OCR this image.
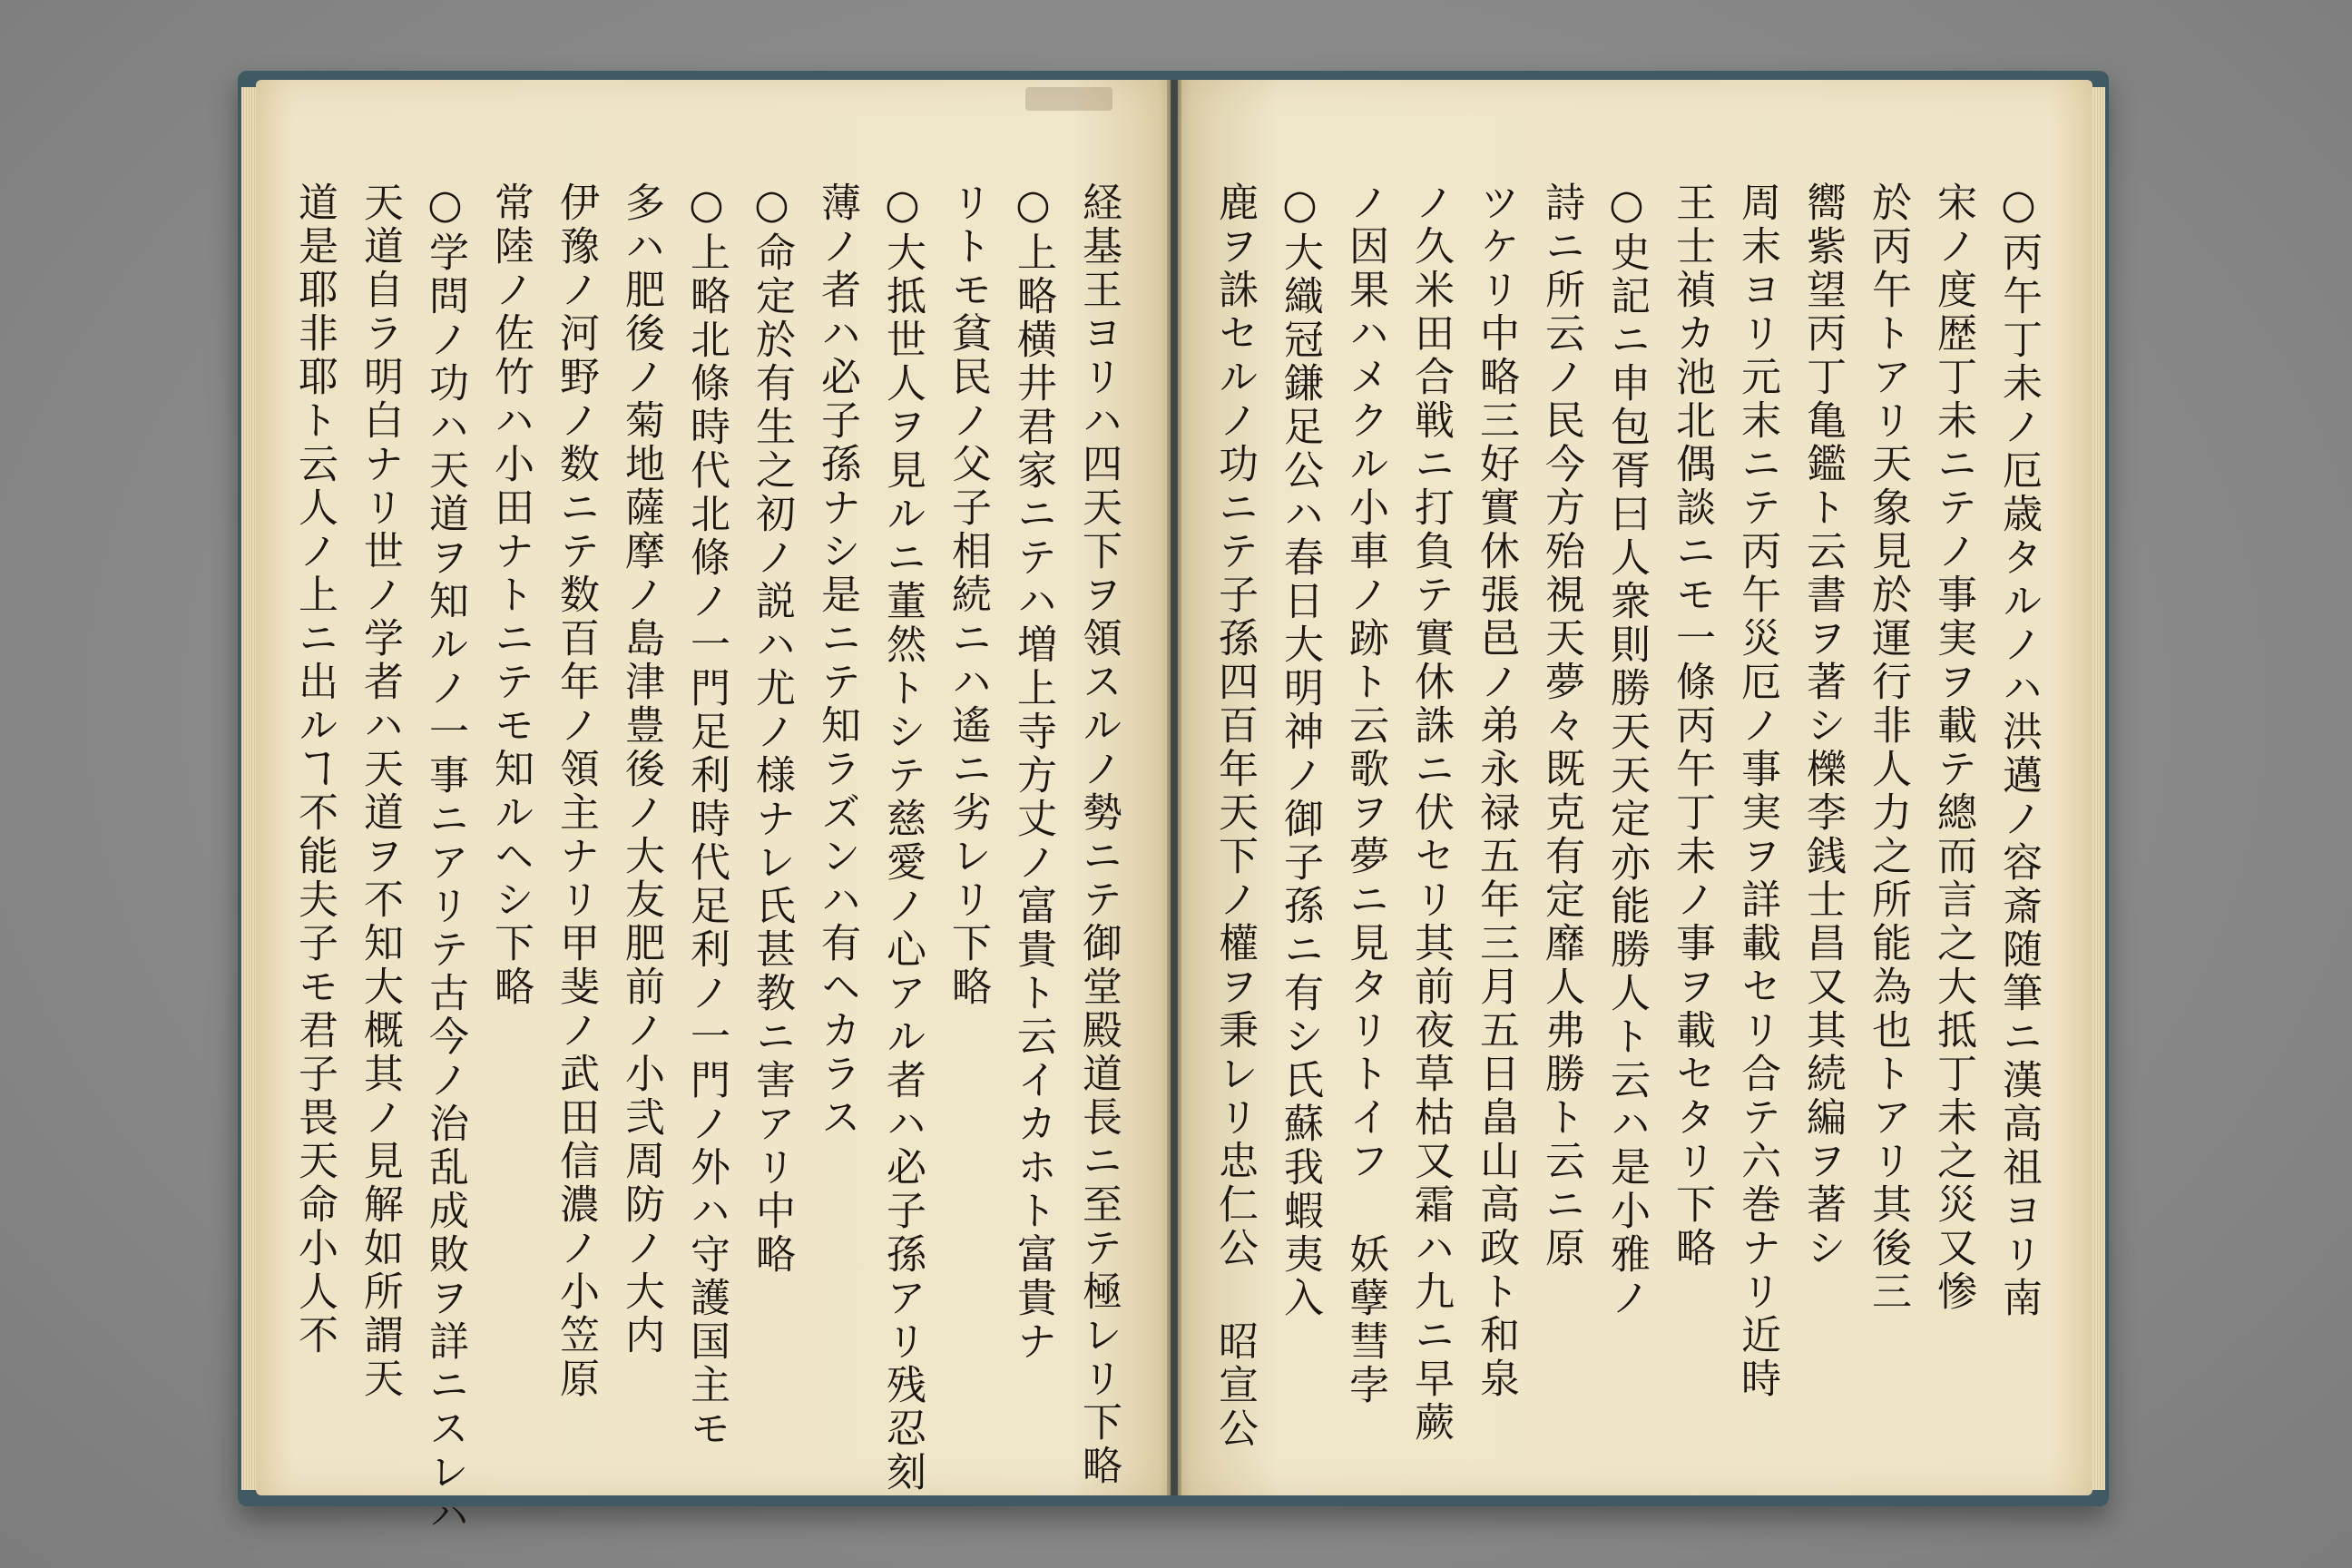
○丙午丁未ノ厄歳タルノハ洪邁ノ容斎随筆ニ漢高祖ヨリ南
宋ノ度歴丁未ニテノ事実ヲ載テ總而言之大抵丁未之災又惨
於丙午トアリ天象見於運行非人力之所能為也トアリ其後三
嚮紫望丙丁亀鑑ト云書ヲ著シ櫟李銭士昌又其続編ヲ著シ
周末ヨリ元末ニテ丙午災厄ノ事実ヲ詳載セリ合テ六巻ナリ近時
王士禎カ池北偶談ニモ一條丙午丁未ノ事ヲ載セタリ下略
○史記ニ申包胥曰人衆則勝天天定亦能勝人ト云ハ是小雅ノ
詩ニ所云ノ民今方殆視天夢々既克有定靡人弗勝ト云ニ原
ツケリ中略三好實休張邑ノ弟永禄五年三月五日畠山高政ト和泉
ノ久米田合戦ニ打負テ實休誅ニ伏セリ其前夜草枯又霜ハ九ニ早蕨
ノ因果ハメクル小車ノ跡ト云歌ヲ夢ニ見タリトイフ 妖孽彗孛
○大織冠鎌足公ハ春日大明神ノ御子孫ニ有シ氏蘇我蝦夷入
鹿ヲ誅セルノ功ニテ子孫四百年天下ノ權ヲ秉レリ忠仁公 昭宣公
経基王ヨリハ四天下ヲ領スルノ勢ニテ御堂殿道長ニ至テ極レリ下略
○上略横井君家ニテハ増上寺方丈ノ富貴ト云イカホト富貴ナ
リトモ貧民ノ父子相続ニハ遙ニ劣レリ下略
○大抵世人ヲ見ルニ董然トシテ慈愛ノ心アル者ハ必子孫アリ残忍刻
薄ノ者ハ必子孫ナシ是ニテ知ラズンハ有ヘカラス
○命定於有生之初ノ説ハ尤ノ様ナレ氏甚教ニ害アリ中略
○上略北條時代北條ノ一門足利時代足利ノ一門ノ外ハ守護国主モ
多ハ肥後ノ菊地薩摩ノ島津豊後ノ大友肥前ノ小弐周防ノ大内
伊豫ノ河野ノ数ニテ数百年ノ領主ナリ甲斐ノ武田信濃ノ小笠原
常陸ノ佐竹ハ小田ナトニテモ知ルヘシ下略
○学問ノ功ハ天道ヲ知ルノ一事ニアリテ古今ノ治乱成敗ヲ詳ニスレハ
天道自ラ明白ナリ世ノ学者ハ天道ヲ不知大概其ノ見解如所謂天
道是耶非耶ト云人ノ上ニ出ルヿ不能夫子モ君子畏天命小人不
